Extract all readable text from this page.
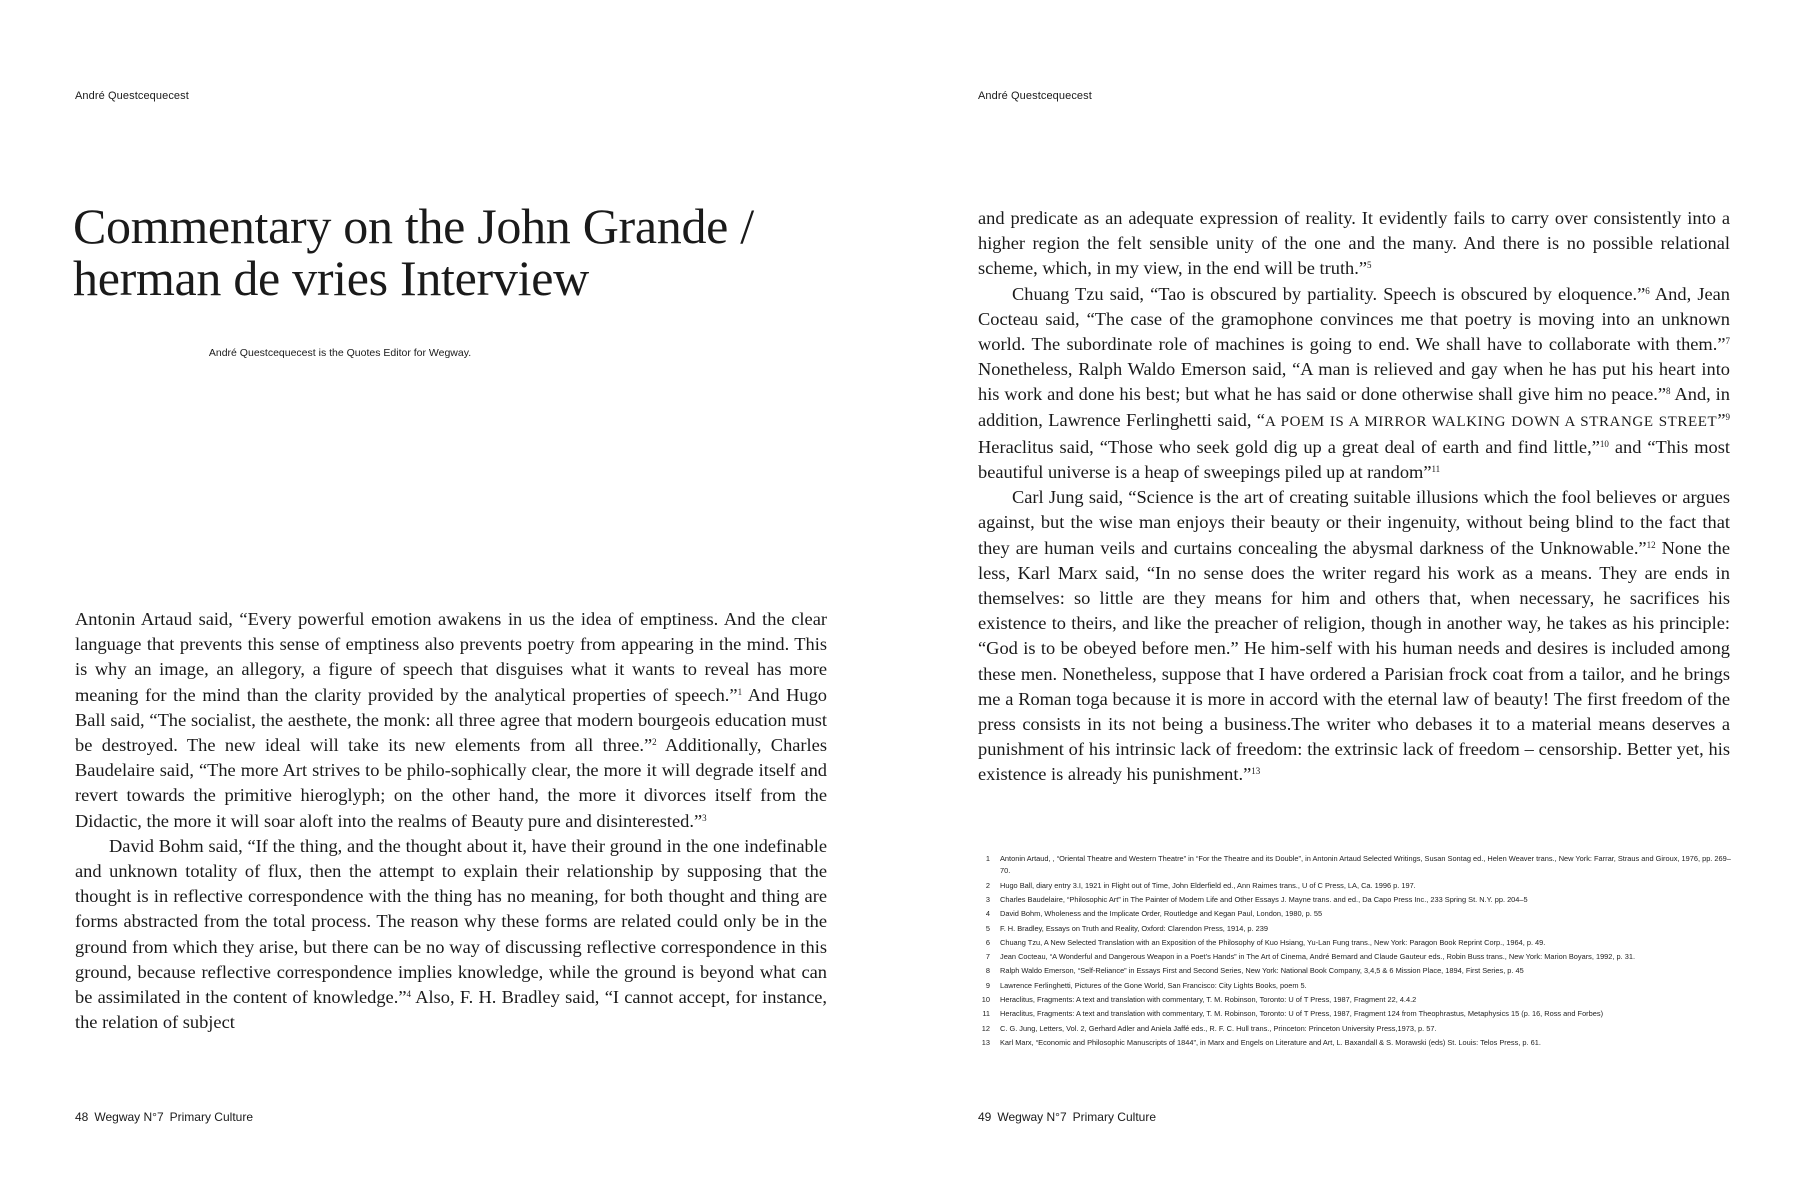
André Questcequecest
Commentary on the John Grande / herman de vries Interview
André Questcequecest is the Quotes Editor for Wegway.

Antonin Artaud said, “Every powerful emotion awakens in us the idea of emptiness. And the clear language that prevents this sense of emptiness also prevents poetry from appearing in the mind. This is why an image, an allegory, a figure of speech that disguises what it wants to reveal has more meaning for the mind than the clarity provided by the analytical properties of speech.”$^1$ And Hugo Ball said, “The socialist, the aesthete, the monk: all three agree that modern bourgeois education must be destroyed. The new ideal will take its new elements from all three.”$^2$ Additionally, Charles Baudelaire said, “The more Art strives to be philo-sophically clear, the more it will degrade itself and revert towards the primitive hieroglyph; on the other hand, the more it divorces itself from the Didactic, the more it will soar aloft into the realms of Beauty pure and disinterested.”$^3$

David Bohm said, “If the thing, and the thought about it, have their ground in the one indefinable and unknown totality of flux, then the attempt to explain their relationship by supposing that the thought is in reflective correspondence with the thing has no meaning, for both thought and thing are forms abstracted from the total process. The reason why these forms are related could only be in the ground from which they arise, but there can be no way of discussing reflective correspondence in this ground, because reflective correspondence implies knowledge, while the ground is beyond what can be assimilated in the content of knowledge.”$^4$ Also, F. H. Bradley said, “I cannot accept, for instance, the relation of subject

48 Wegway N°7 Primary Culture
André Questcequecest

and predicate as an adequate expression of reality. It evidently fails to carry over consistently into a higher region the felt sensible unity of the one and the many. And there is no possible relational scheme, which, in my view, in the end will be truth.”$^5$

Chuang Tzu said, “Tao is obscured by partiality. Speech is obscured by eloquence.”$^6$ And, Jean Cocteau said, “The case of the gramophone convinces me that poetry is moving into an unknown world. The subordinate role of machines is going to end. We shall have to collaborate with them.”$^7$ Nonetheless, Ralph Waldo Emerson said, “A man is relieved and gay when he has put his heart into his work and done his best; but what he has said or done otherwise shall give him no peace.”$^8$ And, in addition, Lawrence Ferlinghetti said, “A POEM IS A MIRROR WALKING DOWN A STRANGE STREET”$^9$ Heraclitus said, “Those who seek gold dig up a great deal of earth and find little,”$^{10}$ and “This most beautiful universe is a heap of sweepings piled up at random”$^{11}$

Carl Jung said, “Science is the art of creating suitable illusions which the fool believes or argues against, but the wise man enjoys their beauty or their ingenuity, without being blind to the fact that they are human veils and curtains concealing the abysmal darkness of the Unknowable.”$^{12}$ None the less, Karl Marx said, “In no sense does the writer regard his work as a means. They are ends in themselves: so little are they means for him and others that, when necessary, he sacrifices his existence to theirs, and like the preacher of religion, though in another way, he takes as his principle: “God is to be obeyed before men.” He him-self with his human needs and desires is included among these men. Nonetheless, suppose that I have ordered a Parisian frock coat from a tailor, and he brings me a Roman toga because it is more in accord with the eternal law of beauty! The first freedom of the press consists in its not being a business.The writer who debases it to a material means deserves a punishment of his intrinsic lack of freedom: the extrinsic lack of freedom – censorship. Better yet, his existence is already his punishment.”$^{13}$

1 Antonin Artaud, , “Oriental Theatre and Western Theatre” in “For the Theatre and its Double”, in Antonin Artaud Selected Writings, Susan Sontag ed., Helen Weaver trans., New York: Farrar, Straus and Giroux, 1976, pp. 269–70.
2 Hugo Ball, diary entry 3.I, 1921 in Flight out of Time, John Elderfield ed., Ann Raimes trans., U of C Press, LA, Ca. 1996 p. 197.
3 Charles Baudelaire, “Philosophic Art” in The Painter of Modern Life and Other Essays J. Mayne trans. and ed., Da Capo Press Inc., 233 Spring St. N.Y. pp. 204–5
4 David Bohm, Wholeness and the Implicate Order, Routledge and Kegan Paul, London, 1980, p. 55
5 F. H. Bradley, Essays on Truth and Reality, Oxford: Clarendon Press, 1914, p. 239
6 Chuang Tzu, A New Selected Translation with an Exposition of the Philosophy of Kuo Hsiang, Yu-Lan Fung trans., New York: Paragon Book Reprint Corp., 1964, p. 49.
7 Jean Cocteau, “A Wonderful and Dangerous Weapon in a Poet’s Hands” in The Art of Cinema, André Bernard and Claude Gauteur eds., Robin Buss trans., New York: Marion Boyars, 1992, p. 31.
8 Ralph Waldo Emerson, “Self-Reliance” in Essays First and Second Series, New York: National Book Company, 3,4,5 & 6 Mission Place, 1894, First Series, p. 45
9 Lawrence Ferlinghetti, Pictures of the Gone World, San Francisco: City Lights Books, poem 5.
10 Heraclitus, Fragments: A text and translation with commentary, T. M. Robinson, Toronto: U of T Press, 1987, Fragment 22, 4.4.2
11 Heraclitus, Fragments: A text and translation with commentary, T. M. Robinson, Toronto: U of T Press, 1987, Fragment 124 from Theophrastus, Metaphysics 15 (p. 16, Ross and Forbes)
12 C. G. Jung, Letters, Vol. 2, Gerhard Adler and Aniela Jaffé eds., R. F. C. Hull trans., Princeton: Princeton University Press,1973, p. 57.
13 Karl Marx, “Economic and Philosophic Manuscripts of 1844”, in Marx and Engels on Literature and Art, L. Baxandall & S. Morawski (eds) St. Louis: Telos Press, p. 61.
49 Wegway N°7 Primary Culture
